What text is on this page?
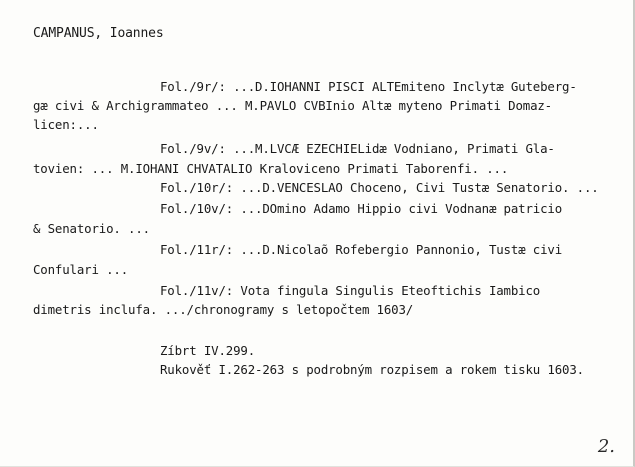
CAMPANUS, Ioannes
Fol./9r/: ...D.IOHANNI PISCI ALTEmiteno Inclytæ Guteberg-
gæ civi & Archigrammateo ... M.PAVLO CVBInio Altæ myteno Primati Domaz-
licen:...
Fol./9v/: ...M.LVCÆ EZECHIELidæ Vodniano, Primati Gla-
tovien: ... M.IOHANI CHVATALIO Kraloviceno Primati Taborenfi. ...
Fol./10r/: ...D.VENCESLAO Choceno, Civi Tustæ Senatorio. ...
Fol./10v/: ...DOmino Adamo Hippio civi Vodnanæ patricio
& Senatorio. ...
Fol./11r/: ...D.Nicolaõ Rofebergio Pannonio, Tustæ civi
Confulari ...
Fol./11v/: Vota fingula Singulis Eteoftichis Iambico
dimetris inclufa. .../chronogramy s letopočtem 1603/
Zíbrt IV.299.
Rukověť I.262-263 s podrobným rozpisem a rokem tisku 1603.
2.
